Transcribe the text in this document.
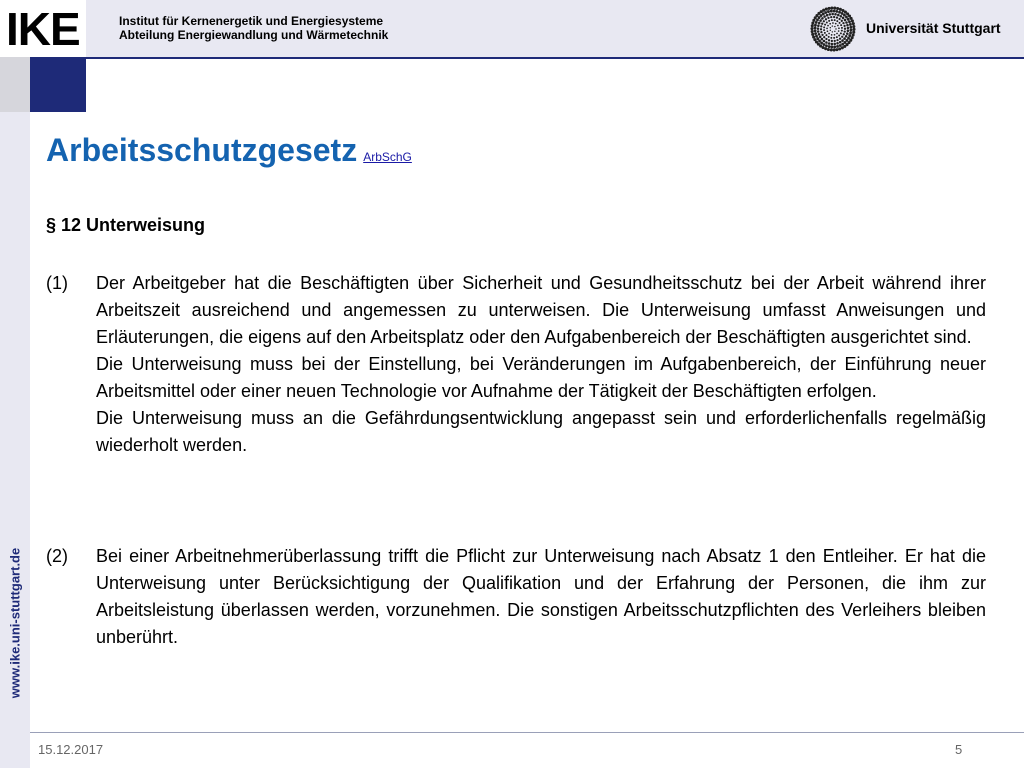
IKE	Institut für Kernenergetik und Energiesysteme
Abteilung Energiewandlung und Wärmetechnik	Universität Stuttgart
www.ike.uni-stuttgart.de
Arbeitsschutzgesetz ArbSchG
§ 12 Unterweisung
(1) Der Arbeitgeber hat die Beschäftigten über Sicherheit und Gesundheitsschutz bei der Arbeit während ihrer Arbeitszeit ausreichend und angemessen zu unterweisen. Die Unterweisung umfasst Anweisungen und Erläuterungen, die eigens auf den Arbeitsplatz oder den Aufgabenbereich der Beschäftigten ausgerichtet sind.

Die Unterweisung muss bei der Einstellung, bei Veränderungen im Aufgabenbereich, der Einführung neuer Arbeitsmittel oder einer neuen Technologie vor Aufnahme der Tätigkeit der Beschäftigten erfolgen.

Die Unterweisung muss an die Gefährdungsentwicklung angepasst sein und erforderlichenfalls regelmäßig wiederholt werden.

(2) Bei einer Arbeitnehmerüberlassung trifft die Pflicht zur Unterweisung nach Absatz 1 den Entleiher. Er hat die Unterweisung unter Berücksichtigung der Qualifikation und der Erfahrung der Personen, die ihm zur Arbeitsleistung überlassen werden, vorzunehmen. Die sonstigen Arbeitsschutzpflichten des Verleihers bleiben unberührt.

15.12.2017	5
